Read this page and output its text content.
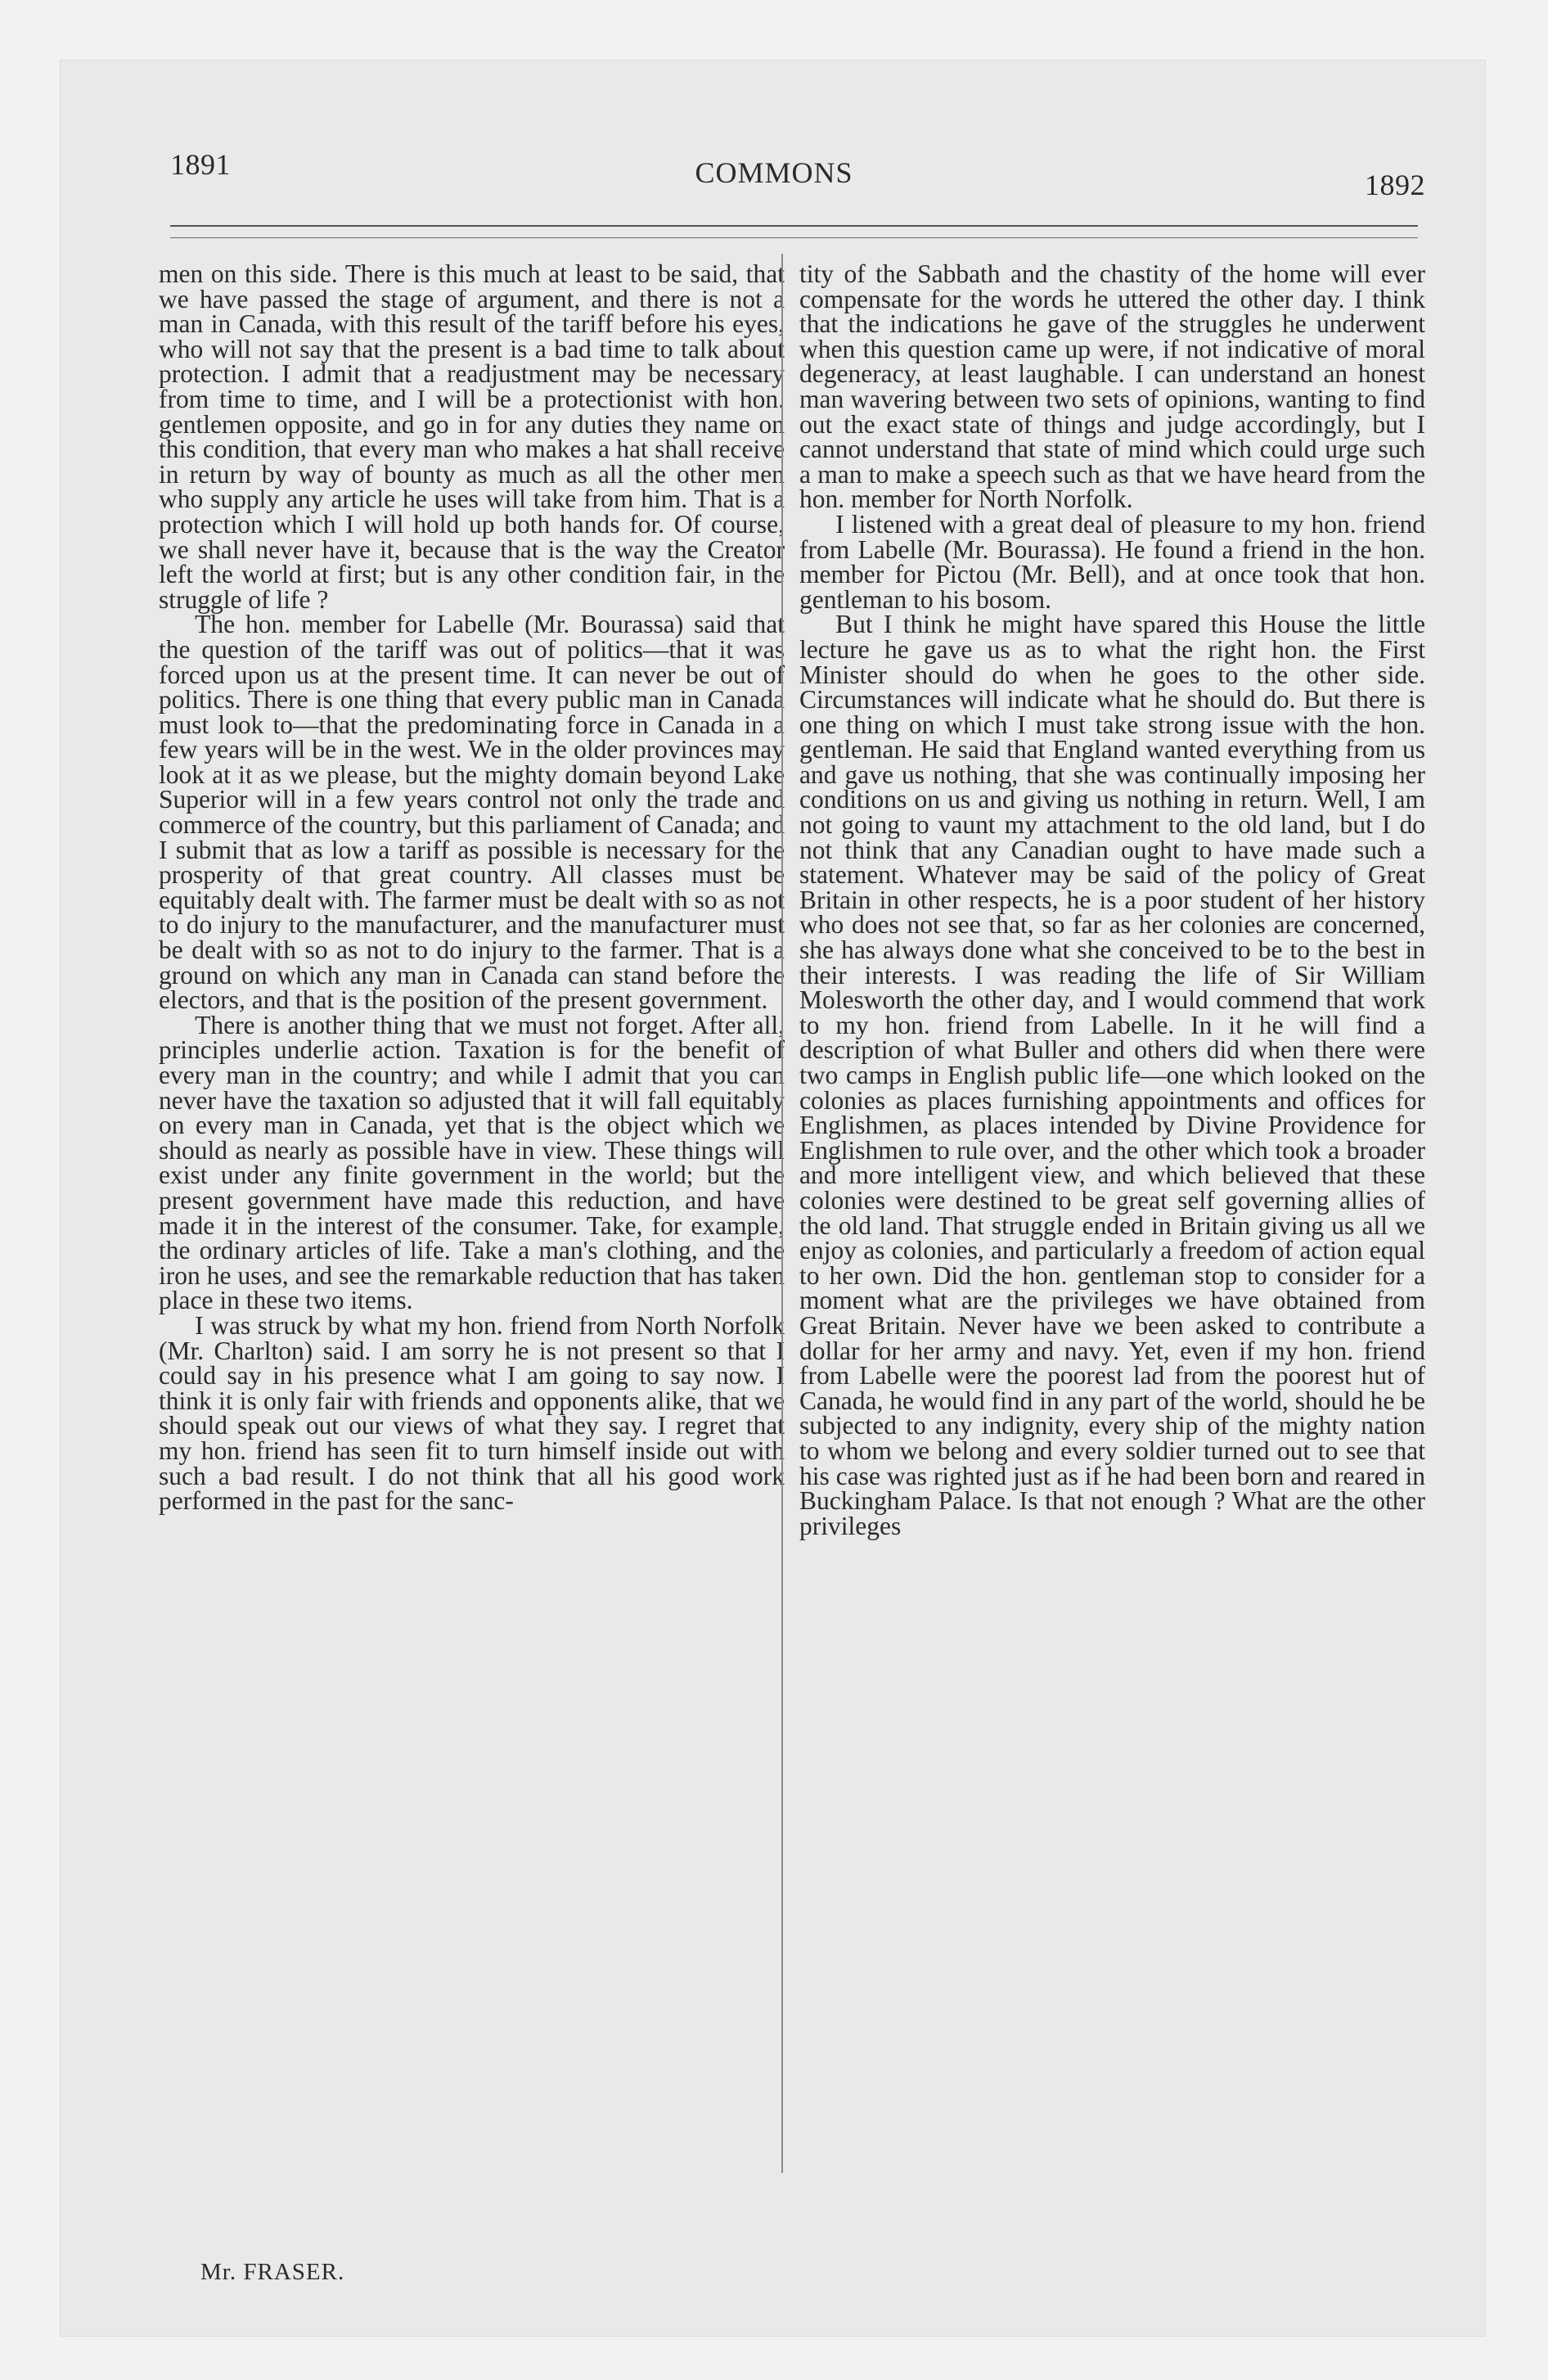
1891	COMMONS	1892

men on this side. There is this much at least to be said, that we have passed the stage of argument, and there is not a man in Canada, with this result of the tariff before his eyes, who will not say that the present is a bad time to talk about protection. I admit that a readjustment may be necessary from time to time, and I will be a protectionist with hon. gentlemen opposite, and go in for any duties they name on this condition, that every man who makes a hat shall receive in return by way of bounty as much as all the other men who supply any article he uses will take from him. That is a protection which I will hold up both hands for. Of course, we shall never have it, because that is the way the Creator left the world at first; but is any other condition fair, in the struggle of life ?

The hon. member for Labelle (Mr. Bourassa) said that the question of the tariff was out of politics—that it was forced upon us at the present time. It can never be out of politics. There is one thing that every public man in Canada must look to—that the predominating force in Canada in a few years will be in the west. We in the older provinces may look at it as we please, but the mighty domain beyond Lake Superior will in a few years control not only the trade and commerce of the country, but this parliament of Canada; and I submit that as low a tariff as possible is necessary for the prosperity of that great country. All classes must be equitably dealt with. The farmer must be dealt with so as not to do injury to the manufacturer, and the manufacturer must be dealt with so as not to do injury to the farmer. That is a ground on which any man in Canada can stand before the electors, and that is the position of the present government.

There is another thing that we must not forget. After all, principles underlie action. Taxation is for the benefit of every man in the country; and while I admit that you can never have the taxation so adjusted that it will fall equitably on every man in Canada, yet that is the object which we should as nearly as possible have in view. These things will exist under any finite government in the world; but the present government have made this reduction, and have made it in the interest of the consumer. Take, for example, the ordinary articles of life. Take a man's clothing, and the iron he uses, and see the remarkable reduction that has taken place in these two items.

I was struck by what my hon. friend from North Norfolk (Mr. Charlton) said. I am sorry he is not present so that I could say in his presence what I am going to say now. I think it is only fair with friends and opponents alike, that we should speak out our views of what they say. I regret that my hon. friend has seen fit to turn himself inside out with such a bad result. I do not think that all his good work performed in the past for the sanc-

tity of the Sabbath and the chastity of the home will ever compensate for the words he uttered the other day. I think that the indications he gave of the struggles he underwent when this question came up were, if not indicative of moral degeneracy, at least laughable. I can understand an honest man wavering between two sets of opinions, wanting to find out the exact state of things and judge accordingly, but I cannot understand that state of mind which could urge such a man to make a speech such as that we have heard from the hon. member for North Norfolk.

I listened with a great deal of pleasure to my hon. friend from Labelle (Mr. Bourassa). He found a friend in the hon. member for Pictou (Mr. Bell), and at once took that hon. gentleman to his bosom.

But I think he might have spared this House the little lecture he gave us as to what the right hon. the First Minister should do when he goes to the other side. Circumstances will indicate what he should do. But there is one thing on which I must take strong issue with the hon. gentleman. He said that England wanted everything from us and gave us nothing, that she was continually imposing her conditions on us and giving us nothing in return. Well, I am not going to vaunt my attachment to the old land, but I do not think that any Canadian ought to have made such a statement. Whatever may be said of the policy of Great Britain in other respects, he is a poor student of her history who does not see that, so far as her colonies are concerned, she has always done what she conceived to be to the best in their interests. I was reading the life of Sir William Molesworth the other day, and I would commend that work to my hon. friend from Labelle. In it he will find a description of what Buller and others did when there were two camps in English public life—one which looked on the colonies as places furnishing appointments and offices for Englishmen, as places intended by Divine Providence for Englishmen to rule over, and the other which took a broader and more intelligent view, and which believed that these colonies were destined to be great self governing allies of the old land. That struggle ended in Britain giving us all we enjoy as colonies, and particularly a freedom of action equal to her own. Did the hon. gentleman stop to consider for a moment what are the privileges we have obtained from Great Britain. Never have we been asked to contribute a dollar for her army and navy. Yet, even if my hon. friend from Labelle were the poorest lad from the poorest hut of Canada, he would find in any part of the world, should he be subjected to any indignity, every ship of the mighty nation to whom we belong and every soldier turned out to see that his case was righted just as if he had been born and reared in Buckingham Palace. Is that not enough ? What are the other privileges

Mr. FRASER.
